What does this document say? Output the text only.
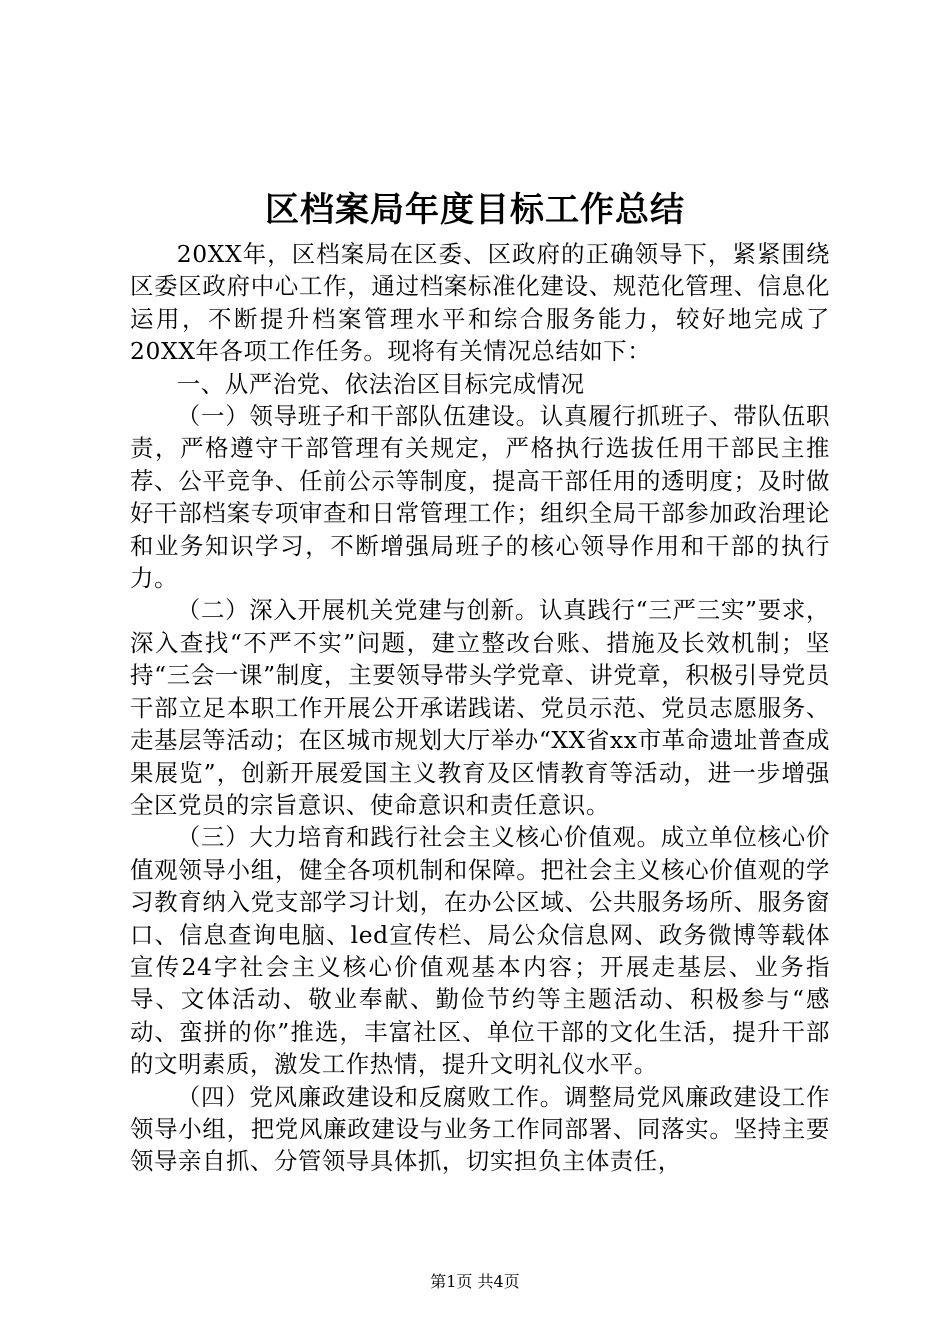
区档案局年度目标工作总结

20XX年，区档案局在区委、区政府的正确领导下，紧紧围绕区委区政府中心工作，通过档案标准化建设、规范化管理、信息化运用，不断提升档案管理水平和综合服务能力，较好地完成了20XX年各项工作任务。现将有关情况总结如下：

一、从严治党、依法治区目标完成情况

（一）领导班子和干部队伍建设。认真履行抓班子、带队伍职责，严格遵守干部管理有关规定，严格执行选拔任用干部民主推荐、公平竞争、任前公示等制度，提高干部任用的透明度；及时做好干部档案专项审查和日常管理工作；组织全局干部参加政治理论和业务知识学习，不断增强局班子的核心领导作用和干部的执行力。

（二）深入开展机关党建与创新。认真践行“三严三实”要求，深入查找“不严不实”问题，建立整改台账、措施及长效机制；坚持“三会一课”制度，主要领导带头学党章、讲党章，积极引导党员干部立足本职工作开展公开承诺践诺、党员示范、党员志愿服务、走基层等活动；在区城市规划大厅举办“XX省xx市革命遗址普查成果展览”，创新开展爱国主义教育及区情教育等活动，进一步增强全区党员的宗旨意识、使命意识和责任意识。

（三）大力培育和践行社会主义核心价值观。成立单位核心价值观领导小组，健全各项机制和保障。把社会主义核心价值观的学习教育纳入党支部学习计划，在办公区域、公共服务场所、服务窗口、信息查询电脑、led宣传栏、局公众信息网、政务微博等载体宣传24字社会主义核心价值观基本内容；开展走基层、业务指导、文体活动、敬业奉献、勤俭节约等主题活动、积极参与“感动、蛮拼的你”推选，丰富社区、单位干部的文化生活，提升干部的文明素质，激发工作热情，提升文明礼仪水平。

（四）党风廉政建设和反腐败工作。调整局党风廉政建设工作领导小组，把党风廉政建设与业务工作同部署、同落实。坚持主要领导亲自抓、分管领导具体抓，切实担负主体责任，

第1页 共4页
